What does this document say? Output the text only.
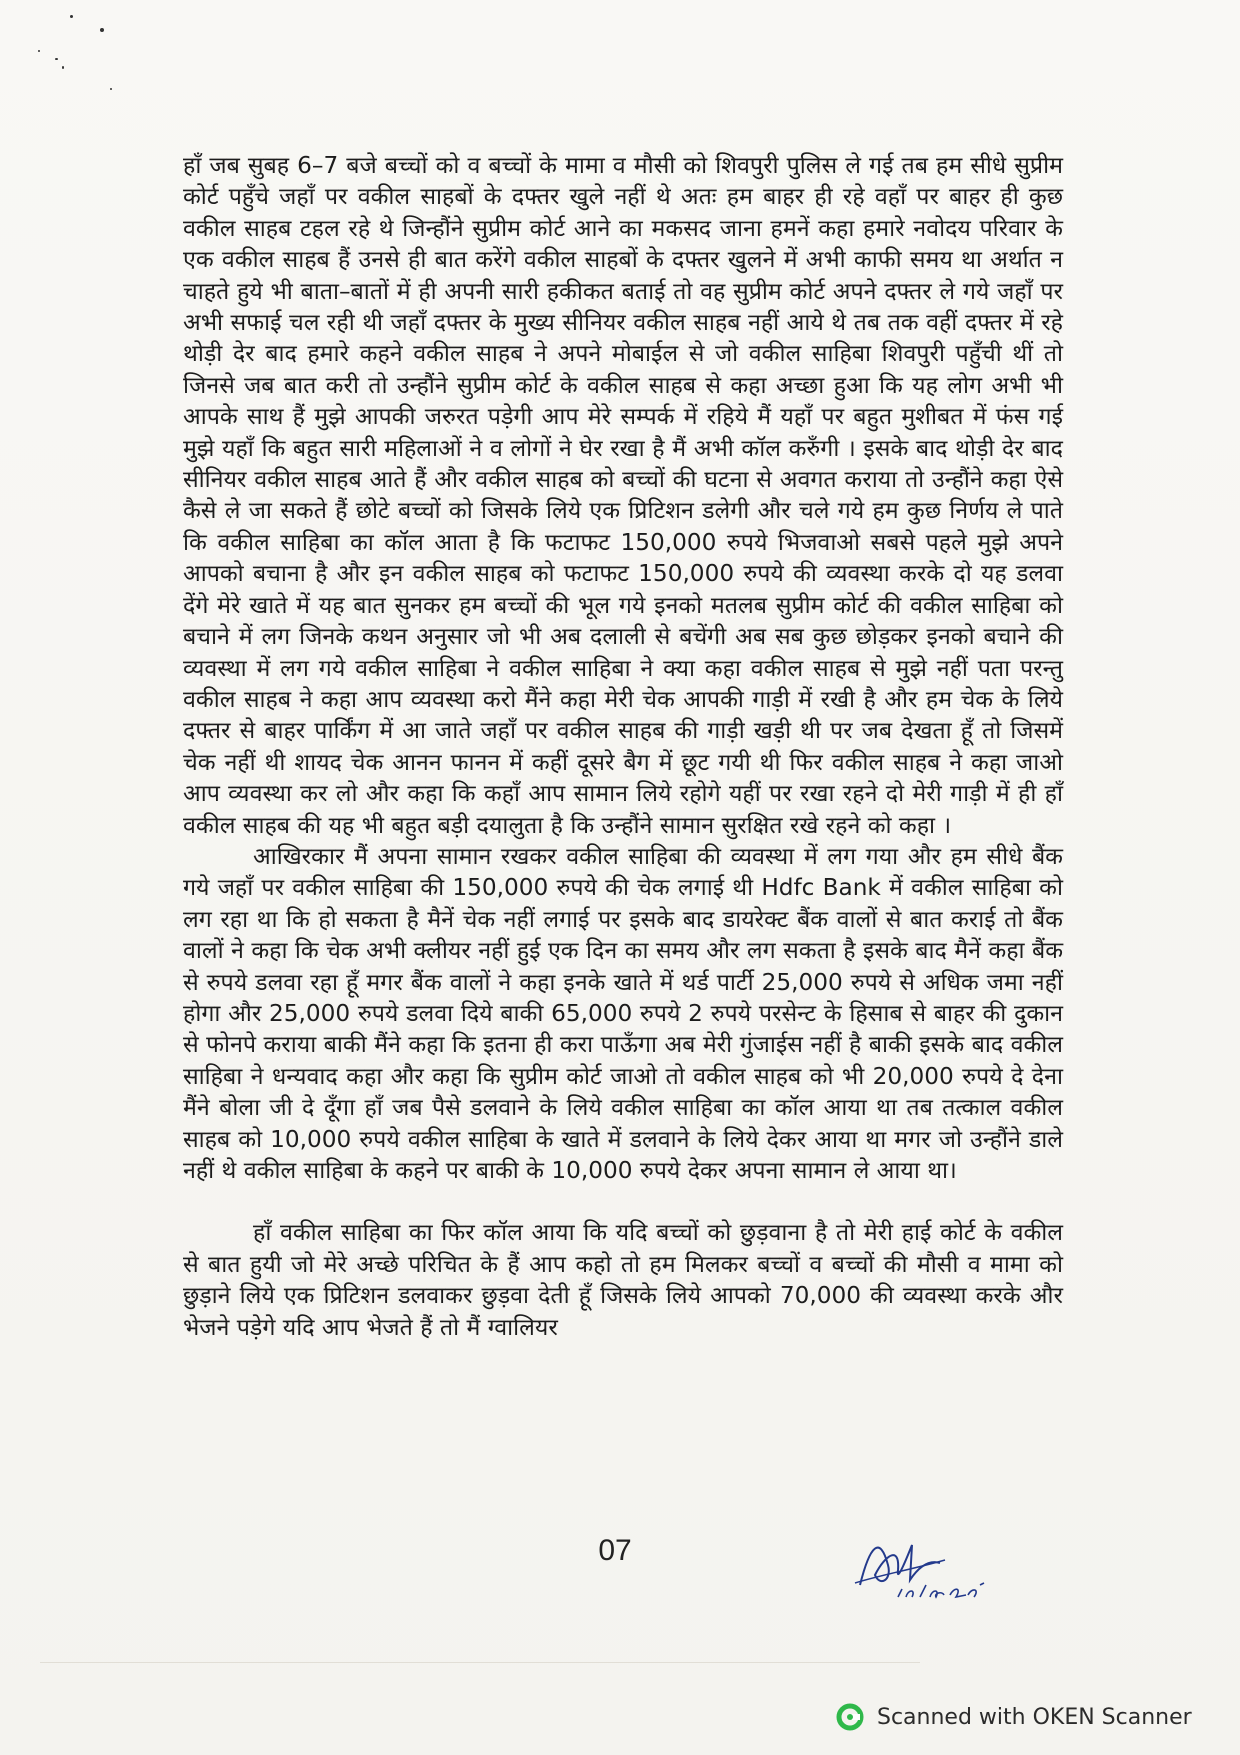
हाँ जब सुबह 6–7 बजे बच्चों को व बच्चों के मामा व मौसी को शिवपुरी पुलिस ले गई तब हम सीधे सुप्रीम कोर्ट पहुँचे जहाँ पर वकील साहबों के दफ्तर खुले नहीं थे अतः हम बाहर ही रहे वहाँ पर बाहर ही कुछ वकील साहब टहल रहे थे जिन्हौंने सुप्रीम कोर्ट आने का मकसद जाना हमनें कहा हमारे नवोदय परिवार के एक वकील साहब हैं उनसे ही बात करेंगे वकील साहबों के दफ्तर खुलने में अभी काफी समय था अर्थात न चाहते हुये भी बाता–बातों में ही अपनी सारी हकीकत बताई तो वह सुप्रीम कोर्ट अपने दफ्तर ले गये जहाँ पर अभी सफाई चल रही थी जहाँ दफ्तर के मुख्य सीनियर वकील साहब नहीं आये थे तब तक वहीं दफ्तर में रहे थोड़ी देर बाद हमारे कहने वकील साहब ने अपने मोबाईल से जो वकील साहिबा शिवपुरी पहुँची थीं तो जिनसे जब बात करी तो उन्हौंने सुप्रीम कोर्ट के वकील साहब से कहा अच्छा हुआ कि यह लोग अभी भी आपके साथ हैं मुझे आपकी जरुरत पड़ेगी आप मेरे सम्पर्क में रहिये मैं यहाँ पर बहुत मुशीबत में फंस गई मुझे यहाँ कि बहुत सारी महिलाओं ने व लोगों ने घेर रखा है मैं अभी कॉल करुँगी । इसके बाद थोड़ी देर बाद सीनियर वकील साहब आते हैं और वकील साहब को बच्चों की घटना से अवगत कराया तो उन्हौंने कहा ऐसे कैसे ले जा सकते हैं छोटे बच्चों को जिसके लिये एक प्रिटिशन डलेगी और चले गये हम कुछ निर्णय ले पाते कि वकील साहिबा का कॉल आता है कि फटाफट 150,000 रुपये भिजवाओ सबसे पहले मुझे अपने आपको बचाना है और इन वकील साहब को फटाफट 150,000 रुपये की व्यवस्था करके दो यह डलवा देंगे मेरे खाते में यह बात सुनकर हम बच्चों की भूल गये इनको मतलब सुप्रीम कोर्ट की वकील साहिबा को बचाने में लग जिनके कथन अनुसार जो भी अब दलाली से बचेंगी अब सब कुछ छोड़कर इनको बचाने की व्यवस्था में लग गये वकील साहिबा ने वकील साहिबा ने क्या कहा वकील साहब से मुझे नहीं पता परन्तु वकील साहब ने कहा आप व्यवस्था करो मैंने कहा मेरी चेक आपकी गाड़ी में रखी है और हम चेक के लिये दफ्तर से बाहर पार्किंग में आ जाते जहाँ पर वकील साहब की गाड़ी खड़ी थी पर जब देखता हूँ तो जिसमें चेक नहीं थी शायद चेक आनन फानन में कहीं दूसरे बैग में छूट गयी थी फिर वकील साहब ने कहा जाओ आप व्यवस्था कर लो और कहा कि कहाँ आप सामान लिये रहोगे यहीं पर रखा रहने दो मेरी गाड़ी में ही हाँ वकील साहब की यह भी बहुत बड़ी दयालुता है कि उन्हौंने सामान सुरक्षित रखे रहने को कहा ।

आखिरकार मैं अपना सामान रखकर वकील साहिबा की व्यवस्था में लग गया और हम सीधे बैंक गये जहाँ पर वकील साहिबा की 150,000 रुपये की चेक लगाई थी Hdfc Bank में वकील साहिबा को लग रहा था कि हो सकता है मैनें चेक नहीं लगाई पर इसके बाद डायरेक्ट बैंक वालों से बात कराई तो बैंक वालों ने कहा कि चेक अभी क्लीयर नहीं हुई एक दिन का समय और लग सकता है इसके बाद मैनें कहा बैंक से रुपये डलवा रहा हूँ मगर बैंक वालों ने कहा इनके खाते में थर्ड पार्टी 25,000 रुपये से अधिक जमा नहीं होगा और 25,000 रुपये डलवा दिये बाकी 65,000 रुपये 2 रुपये परसेन्ट के हिसाब से बाहर की दुकान से फोनपे कराया बाकी मैंने कहा कि इतना ही करा पाऊँगा अब मेरी गुंजाईस नहीं है बाकी इसके बाद वकील साहिबा ने धन्यवाद कहा और कहा कि सुप्रीम कोर्ट जाओ तो वकील साहब को भी 20,000 रुपये दे देना मैंने बोला जी दे दूँगा हाँ जब पैसे डलवाने के लिये वकील साहिबा का कॉल आया था तब तत्काल वकील साहब को 10,000 रुपये वकील साहिबा के खाते में डलवाने के लिये देकर आया था मगर जो उन्हौंने डाले नहीं थे वकील साहिबा के कहने पर बाकी के 10,000 रुपये देकर अपना सामान ले आया था।

हाँ वकील साहिबा का फिर कॉल आया कि यदि बच्चों को छुड़वाना है तो मेरी हाई कोर्ट के वकील से बात हुयी जो मेरे अच्छे परिचित के हैं आप कहो तो हम मिलकर बच्चों व बच्चों की मौसी व मामा को छुड़ाने लिये एक प्रिटिशन डलवाकर छुड़वा देती हूँ जिसके लिये आपको 70,000 की व्यवस्था करके और भेजने पड़ेगे यदि आप भेजते हैं तो मैं ग्वालियर

07
Scanned with OKEN Scanner
